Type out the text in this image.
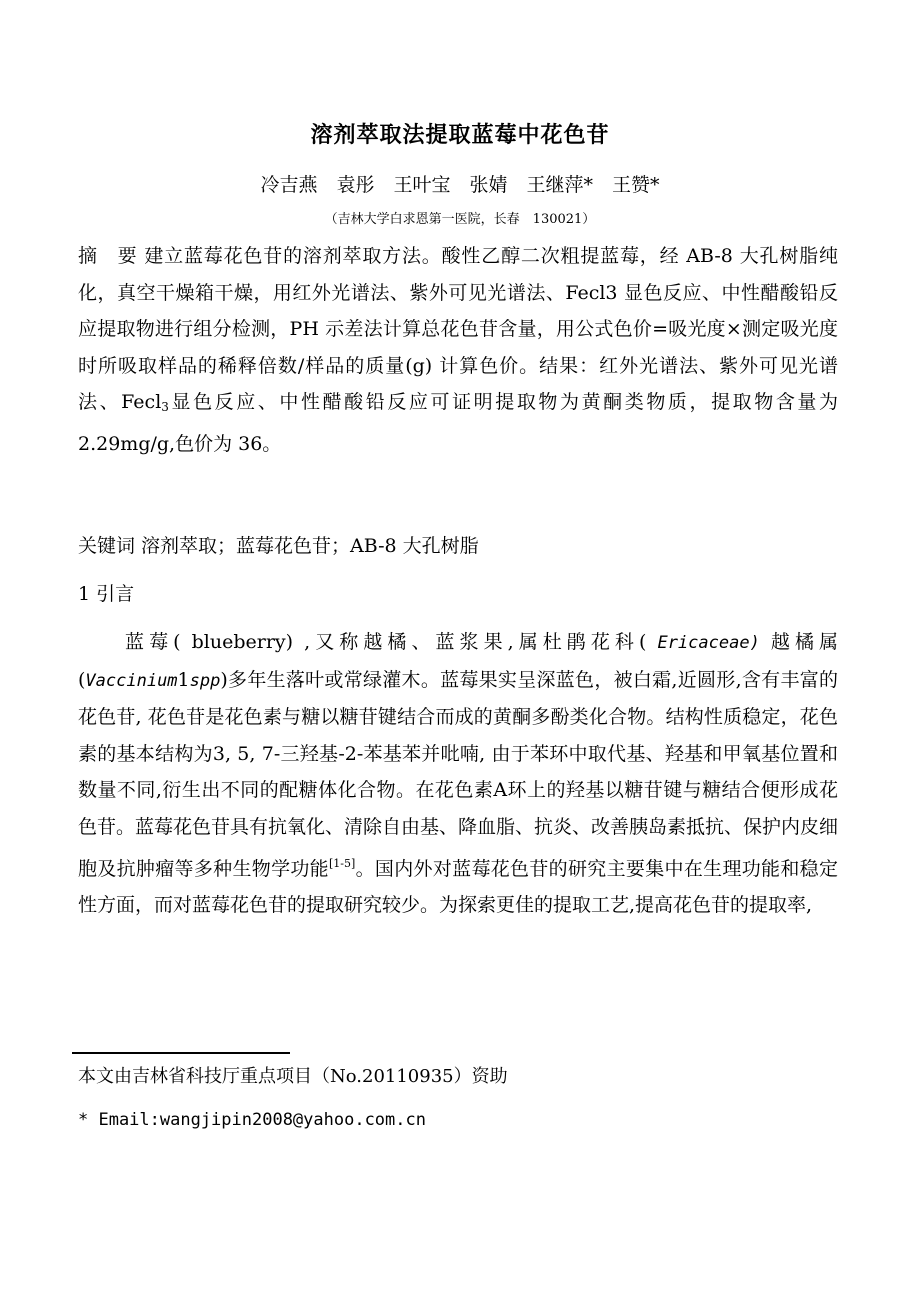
溶剂萃取法提取蓝莓中花色苷
冷吉燕　袁彤　王叶宝　张婧　王继萍*　王赞*
（吉林大学白求恩第一医院，长春　130021）
摘　要 建立蓝莓花色苷的溶剂萃取方法。酸性乙醇二次粗提蓝莓，经 AB-8 大孔树脂纯化，真空干燥箱干燥，用红外光谱法、紫外可见光谱法、Fecl3 显色反应、中性醋酸铅反应提取物进行组分检测，PH 示差法计算总花色苷含量，用公式色价=吸光度×测定吸光度时所吸取样品的稀释倍数/样品的质量(g) 计算色价。结果：红外光谱法、紫外可见光谱法、Fecl$_3$显色反应、中性醋酸铅反应可证明提取物为黄酮类物质，提取物含量为 2.29mg/g,色价为 36。
关键词 溶剂萃取；蓝莓花色苷；AB-8 大孔树脂
1 引言
蓝莓( blueberry) ,又称越橘、蓝浆果,属杜鹃花科( Ericaceae) 越橘属(Vaccinium1spp)多年生落叶或常绿灌木。蓝莓果实呈深蓝色，被白霜,近圆形,含有丰富的花色苷, 花色苷是花色素与糖以糖苷键结合而成的黄酮多酚类化合物。结构性质稳定，花色素的基本结构为3, 5, 7-三羟基-2-苯基苯并吡喃, 由于苯环中取代基、羟基和甲氧基位置和数量不同,衍生出不同的配糖体化合物。在花色素A环上的羟基以糖苷键与糖结合便形成花色苷。蓝莓花色苷具有抗氧化、清除自由基、降血脂、抗炎、改善胰岛素抵抗、保护内皮细胞及抗肿瘤等多种生物学功能[1-5]。国内外对蓝莓花色苷的研究主要集中在生理功能和稳定性方面，而对蓝莓花色苷的提取研究较少。为探索更佳的提取工艺,提高花色苷的提取率,
本文由吉林省科技厅重点项目（No.20110935）资助
* Email:wangjipin2008@yahoo.com.cn
